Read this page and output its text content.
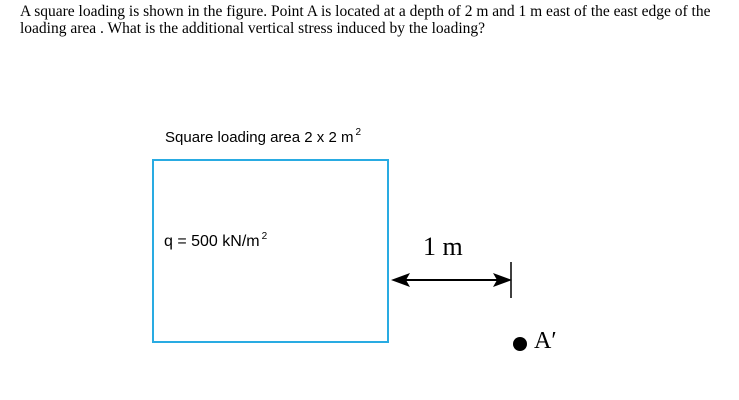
A square loading is shown in the figure. Point A is located at a depth of 2 m and 1 m east of the east edge of the loading area . What is the additional vertical stress induced by the loading?

Square loading area 2 x 2 m $^2$
q = 500 kN/m $^2$	1 m
A′
